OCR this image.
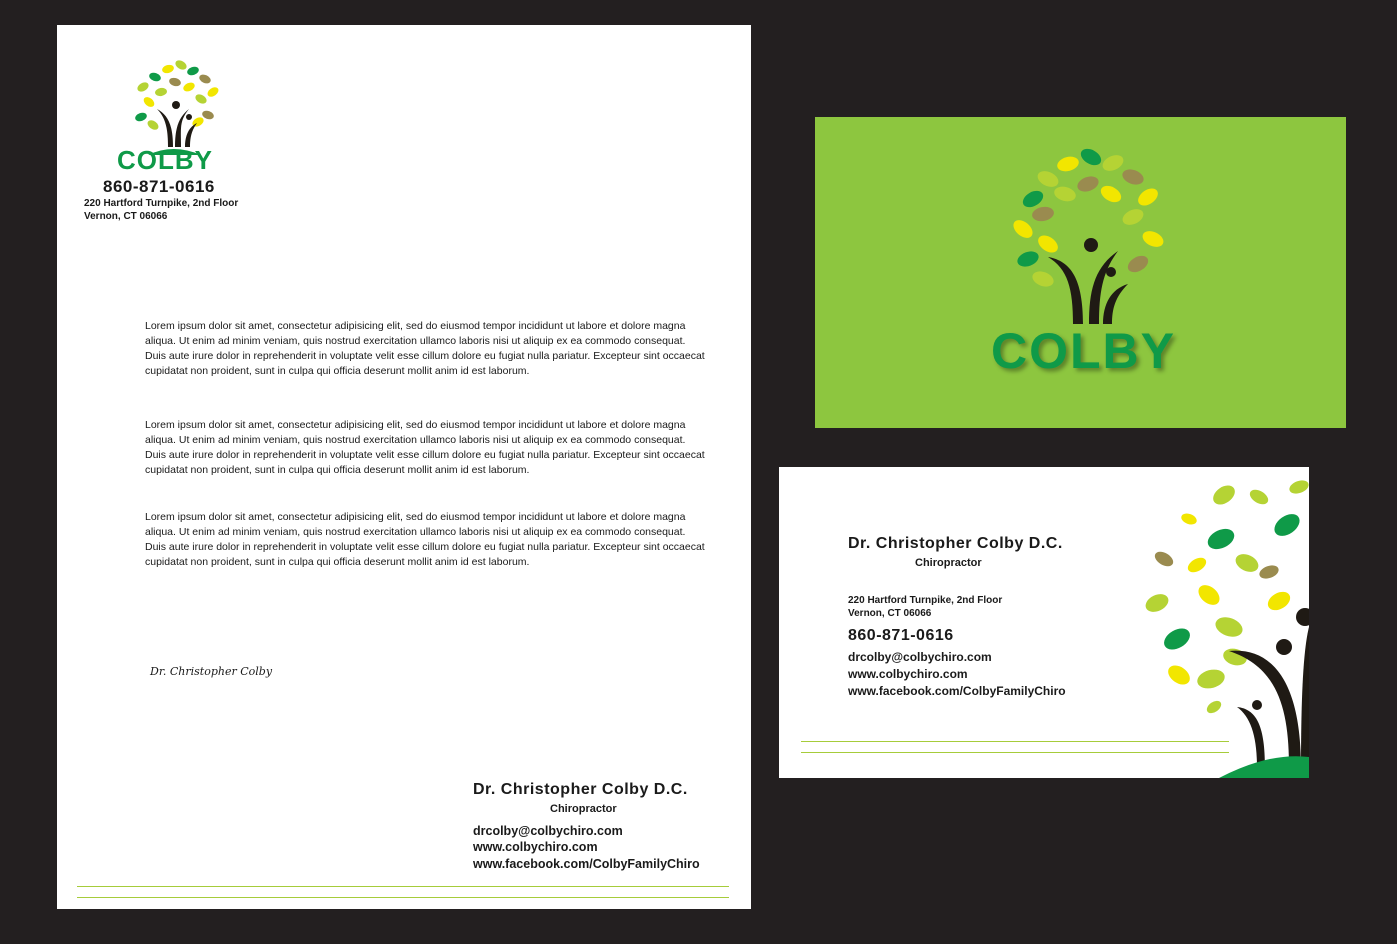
COLBY
860-871-0616
220 Hartford Turnpike, 2nd Floor
Vernon, CT 06066
Lorem ipsum dolor sit amet, consectetur adipisicing elit, sed do eiusmod tempor incididunt ut labore et dolore magna aliqua. Ut enim ad minim veniam, quis nostrud exercitation ullamco laboris nisi ut aliquip ex ea commodo consequat. Duis aute irure dolor in reprehenderit in voluptate velit esse cillum dolore eu fugiat nulla pariatur. Excepteur sint occaecat cupidatat non proident, sunt in culpa qui officia deserunt mollit anim id est laborum.
Lorem ipsum dolor sit amet, consectetur adipisicing elit, sed do eiusmod tempor incididunt ut labore et dolore magna aliqua. Ut enim ad minim veniam, quis nostrud exercitation ullamco laboris nisi ut aliquip ex ea commodo consequat. Duis aute irure dolor in reprehenderit in voluptate velit esse cillum dolore eu fugiat nulla pariatur. Excepteur sint occaecat cupidatat non proident, sunt in culpa qui officia deserunt mollit anim id est laborum.
Lorem ipsum dolor sit amet, consectetur adipisicing elit, sed do eiusmod tempor incididunt ut labore et dolore magna aliqua. Ut enim ad minim veniam, quis nostrud exercitation ullamco laboris nisi ut aliquip ex ea commodo consequat. Duis aute irure dolor in reprehenderit in voluptate velit esse cillum dolore eu fugiat nulla pariatur. Excepteur sint occaecat cupidatat non proident, sunt in culpa qui officia deserunt mollit anim id est laborum.
Dr. Christopher Colby
Dr. Christopher Colby D.C.
Chiropractor
drcolby@colbychiro.com
www.colbychiro.com
www.facebook.com/ColbyFamilyChiro
COLBY
Dr. Christopher Colby D.C.
Chiropractor
220 Hartford Turnpike, 2nd Floor
Vernon, CT 06066
860-871-0616
drcolby@colbychiro.com
www.colbychiro.com
www.facebook.com/ColbyFamilyChiro
